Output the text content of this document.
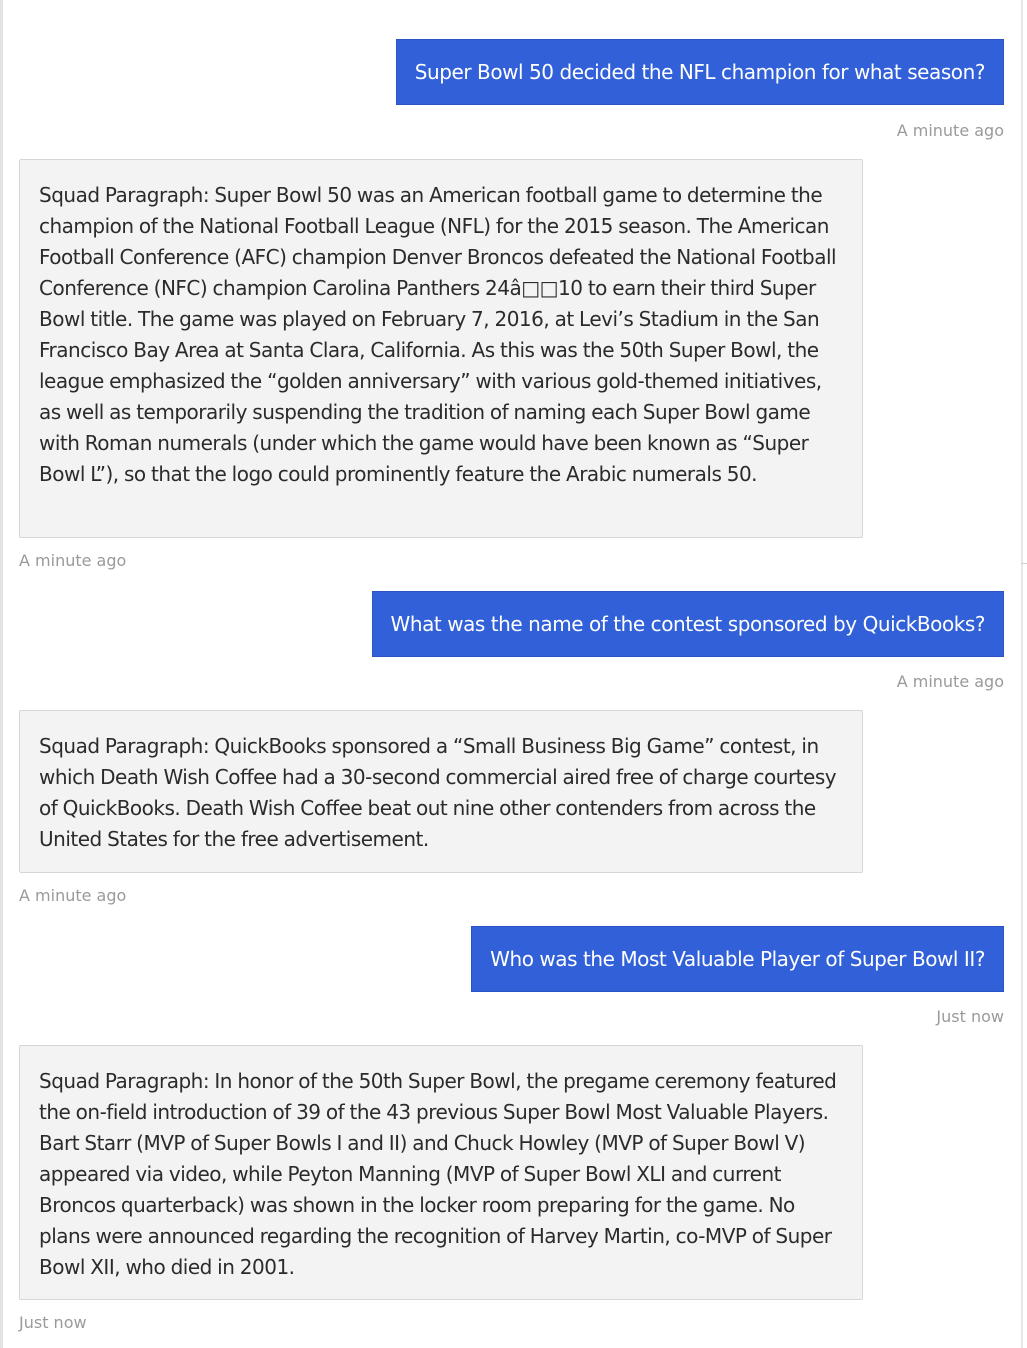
Super Bowl 50 decided the NFL champion for what season?
A minute ago
Squad Paragraph: Super Bowl 50 was an American football game to determine the champion of the National Football League (NFL) for the 2015 season. The American Football Conference (AFC) champion Denver Broncos defeated the National Football Conference (NFC) champion Carolina Panthers 24â□□10 to earn their third Super Bowl title. The game was played on February 7, 2016, at Levi’s Stadium in the San Francisco Bay Area at Santa Clara, California. As this was the 50th Super Bowl, the league emphasized the “golden anniversary” with various gold-themed initiatives, as well as temporarily suspending the tradition of naming each Super Bowl game with Roman numerals (under which the game would have been known as “Super Bowl L”), so that the logo could prominently feature the Arabic numerals 50.
A minute ago
What was the name of the contest sponsored by QuickBooks?
A minute ago
Squad Paragraph: QuickBooks sponsored a “Small Business Big Game” contest, in which Death Wish Coffee had a 30-second commercial aired free of charge courtesy of QuickBooks. Death Wish Coffee beat out nine other contenders from across the United States for the free advertisement.
A minute ago
Who was the Most Valuable Player of Super Bowl II?
Just now
Squad Paragraph: In honor of the 50th Super Bowl, the pregame ceremony featured the on-field introduction of 39 of the 43 previous Super Bowl Most Valuable Players. Bart Starr (MVP of Super Bowls I and II) and Chuck Howley (MVP of Super Bowl V) appeared via video, while Peyton Manning (MVP of Super Bowl XLI and current Broncos quarterback) was shown in the locker room preparing for the game. No plans were announced regarding the recognition of Harvey Martin, co-MVP of Super Bowl XII, who died in 2001.
Just now
